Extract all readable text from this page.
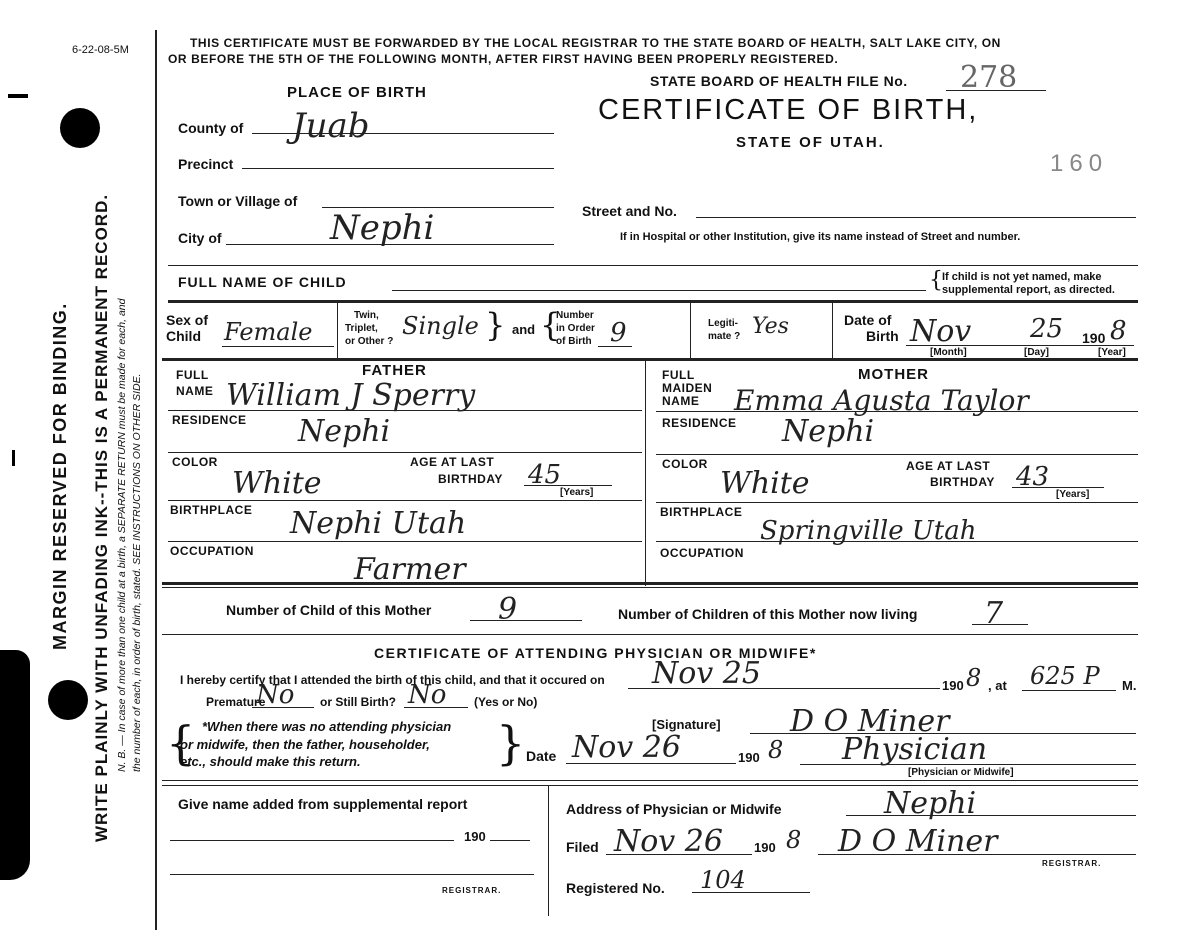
6-22-08-5M
WRITE PLAINLY WITH UNFADING INK--THIS IS A PERMANENT RECORD.
MARGIN RESERVED FOR BINDING.	N. B. — In case of more than one child at a birth, a SEPARATE RETURN must be made for each, and the number of each, in order of birth, stated. SEE INSTRUCTIONS ON OTHER SIDE.
THIS CERTIFICATE MUST BE FORWARDED BY THE LOCAL REGISTRAR TO THE STATE BOARD OF HEALTH, SALT LAKE CITY, ON
OR BEFORE THE 5TH OF THE FOLLOWING MONTH, AFTER FIRST HAVING BEEN PROPERLY REGISTERED.
STATE BOARD OF HEALTH FILE No. 278
CERTIFICATE OF BIRTH,
STATE OF UTAH.
160
PLACE OF BIRTH
County of Juab
Precinct
Town or Village of
City of	Nephi	Street and No.
If in Hospital or other Institution, give its name instead of Street and number.
FULL NAME OF CHILD	{ If child is not yet named, make
supplemental report, as directed.
Sex of
Child Female
Twin,
Triplet,
or Other ?
Single } and {
Number
in Order
of Birth 9	Legiti-
mate ? Yes	Date of
Birth Nov 25 190 8
[Month]	[Day]	[Year]
FATHER
FULL
NAME William J Sperry
RESIDENCE Nephi
COLOR
White
AGE AT LAST
BIRTHDAY 45
[Years]
BIRTHPLACE Nephi Utah
OCCUPATION
Farmer
MOTHER
FULL
MAIDEN
NAME Emma Agusta Taylor
RESIDENCE Nephi
COLOR
White	AGE AT LAST
BIRTHDAY 43
[Years]
BIRTHPLACE
Springville Utah
OCCUPATION
Number of Child of this Mother 9	Number of Children of this Mother now living 7
CERTIFICATE OF ATTENDING PHYSICIAN OR MIDWIFE*
I hereby certify that I attended the birth of this child, and that it occured on Nov 25	190 8 , at 625 P M.
Premature
No or Still Birth? No (Yes or No)
{ *When there was no attending physician
or midwife, then the father, householder,
etc., should make this return.	}	[Signature] D O Miner
Date Nov 26	190 8 Physician
[Physician or Midwife]
Give name added from supplemental report
190
REGISTRAR.
Address of Physician or Midwife	Nephi
Filed Nov 26 190 8 D O Miner
REGISTRAR.
Registered No. 104
